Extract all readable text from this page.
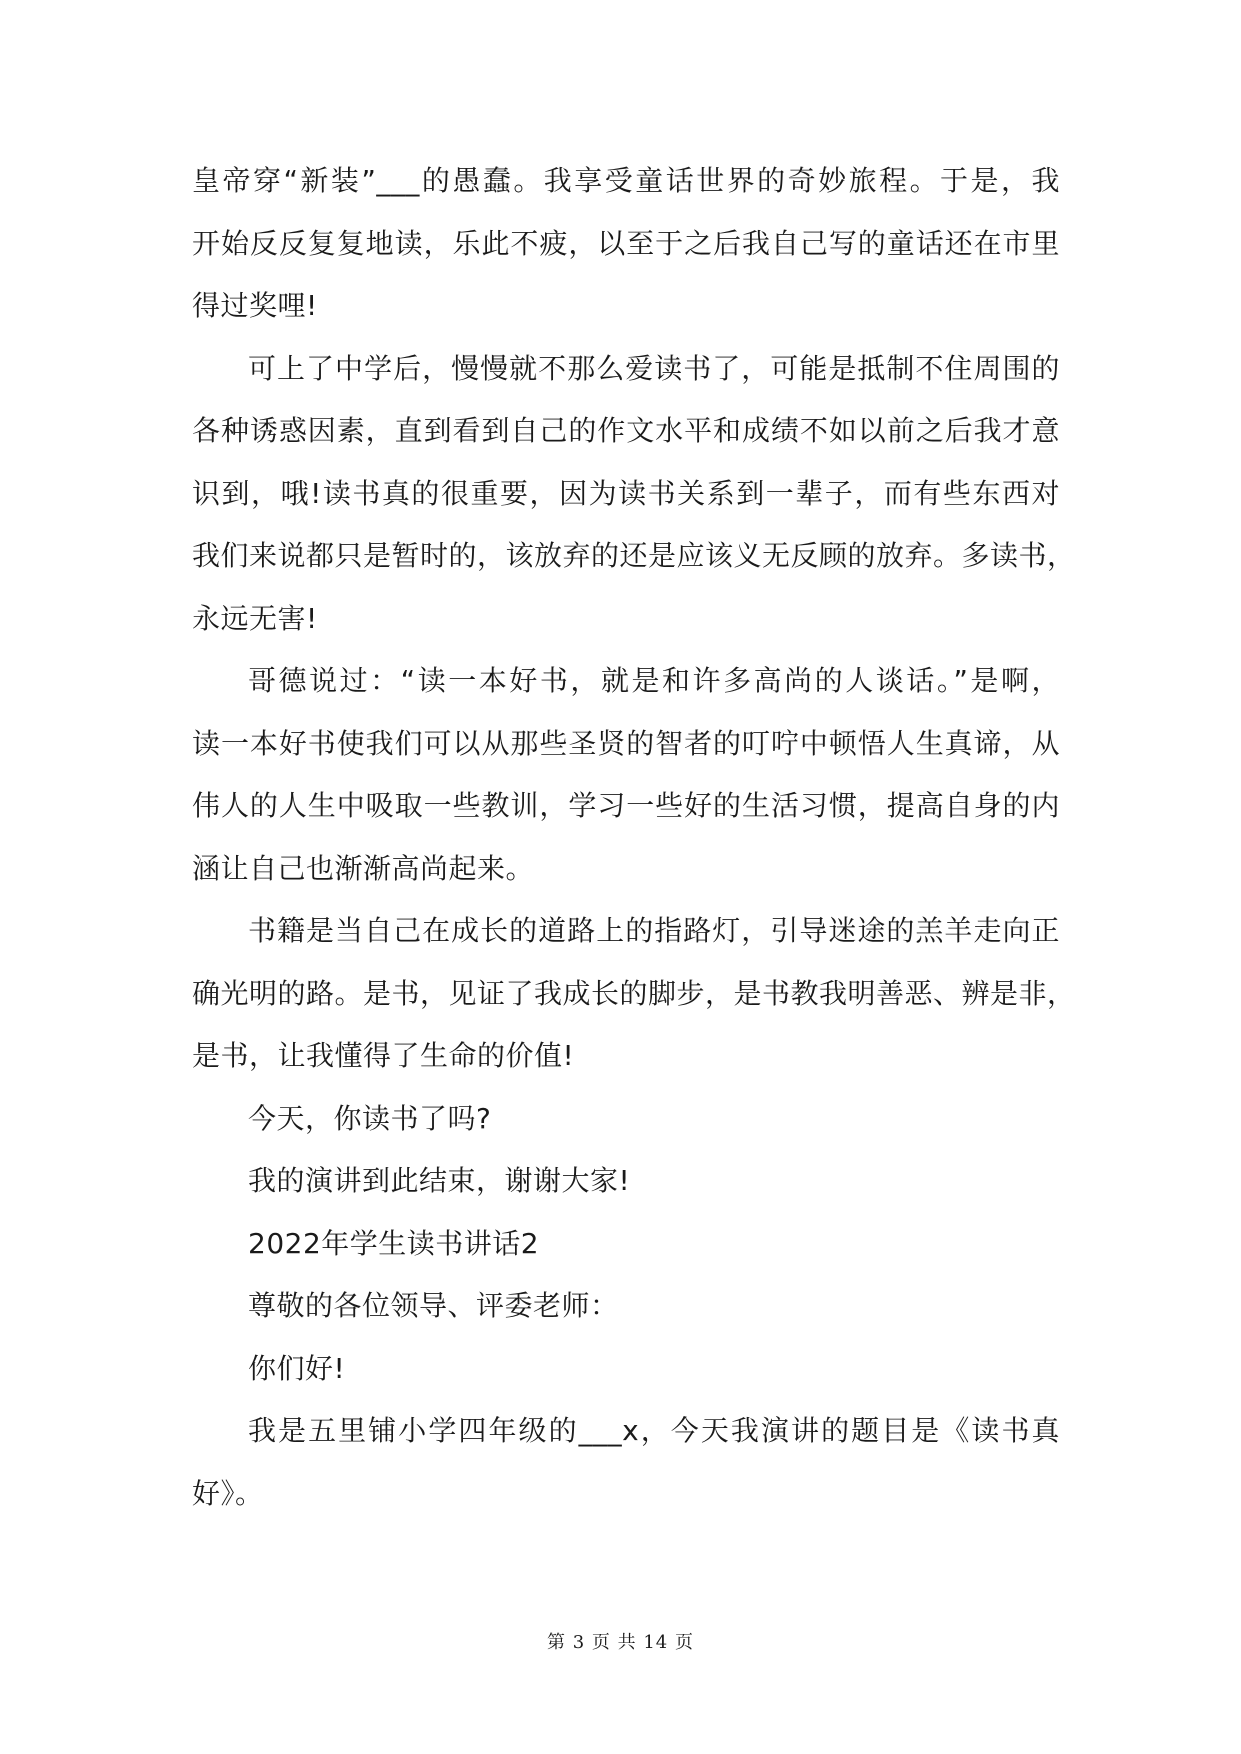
皇帝穿“新装”___的愚蠢。我享受童话世界的奇妙旅程。于是，我
开始反反复复地读，乐此不疲，以至于之后我自己写的童话还在市里
得过奖哩!
可上了中学后，慢慢就不那么爱读书了，可能是抵制不住周围的
各种诱惑因素，直到看到自己的作文水平和成绩不如以前之后我才意
识到，哦!读书真的很重要，因为读书关系到一辈子，而有些东西对
我们来说都只是暂时的，该放弃的还是应该义无反顾的放弃。多读书，
永远无害!
哥德说过：“读一本好书，就是和许多高尚的人谈话。”是啊，
读一本好书使我们可以从那些圣贤的智者的叮咛中顿悟人生真谛，从
伟人的人生中吸取一些教训，学习一些好的生活习惯，提高自身的内
涵让自己也渐渐高尚起来。
书籍是当自己在成长的道路上的指路灯，引导迷途的羔羊走向正
确光明的路。是书，见证了我成长的脚步，是书教我明善恶、辨是非，
是书，让我懂得了生命的价值!
今天，你读书了吗?
我的演讲到此结束，谢谢大家!
2022年学生读书讲话2
尊敬的各位领导、评委老师：
你们好!
我是五里铺小学四年级的___x，今天我演讲的题目是《读书真
好》。
第 3 页 共 14 页
